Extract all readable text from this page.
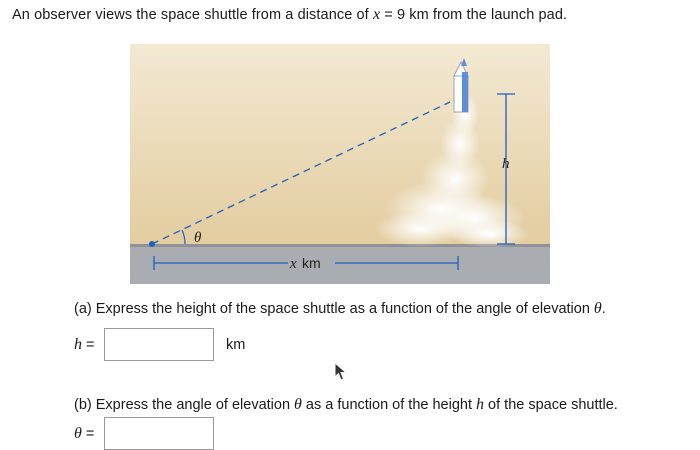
An observer views the space shuttle from a distance of x = 9 km from the launch pad.
θ
h
x km
(a) Express the height of the space shuttle as a function of the angle of elevation θ.
h =	km
(b) Express the angle of elevation θ as a function of the height h of the space shuttle.
θ =
